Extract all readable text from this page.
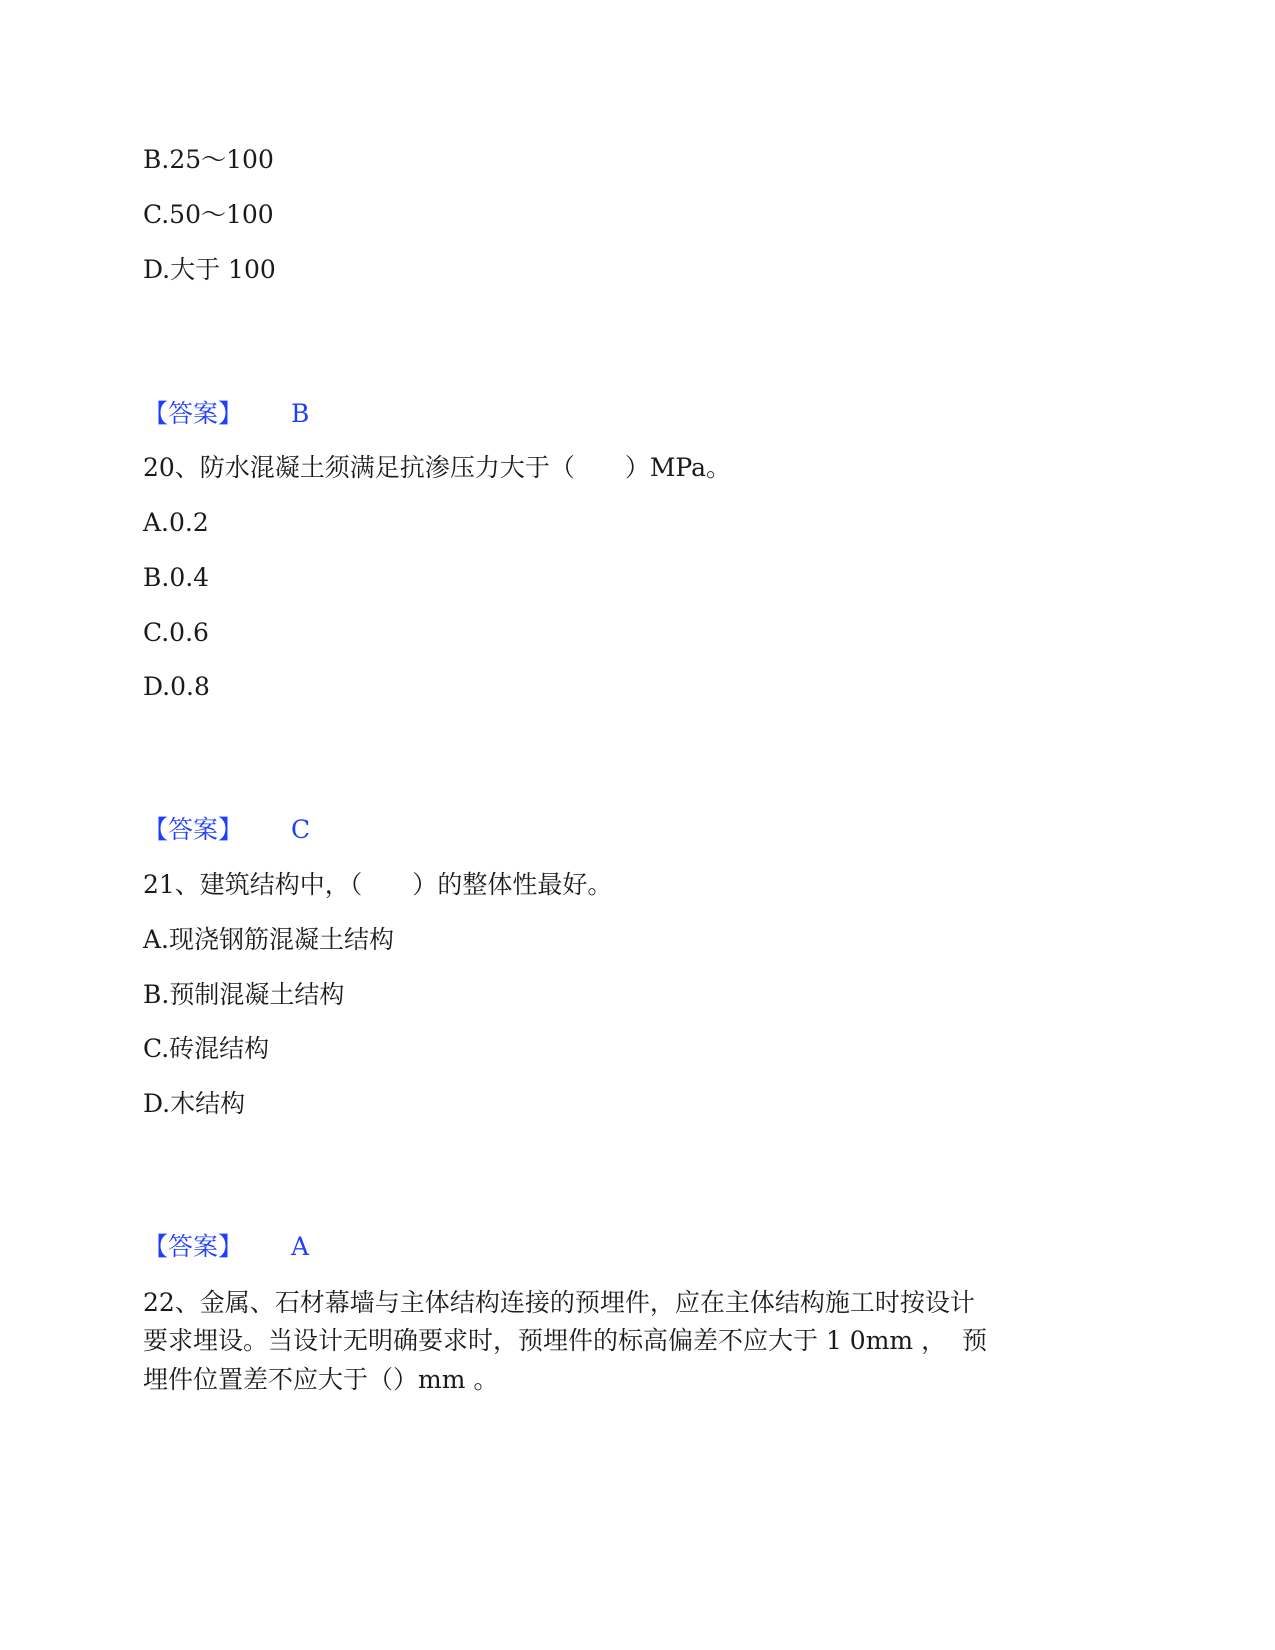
B.25～100
C.50～100
D.大于 100
【答案】 B
20、防水混凝土须满足抗渗压力大于（　　）MPa。
A.0.2
B.0.4
C.0.6
D.0.8
【答案】 C
21、建筑结构中，（　　）的整体性最好。
A.现浇钢筋混凝土结构
B.预制混凝土结构
C.砖混结构
D.木结构
【答案】 A
22、金属、石材幕墙与主体结构连接的预埋件，应在主体结构施工时按设计
要求埋设。当设计无明确要求时，预埋件的标高偏差不应大于 1 0mm ，  预
埋件位置差不应大于（）mm 。
